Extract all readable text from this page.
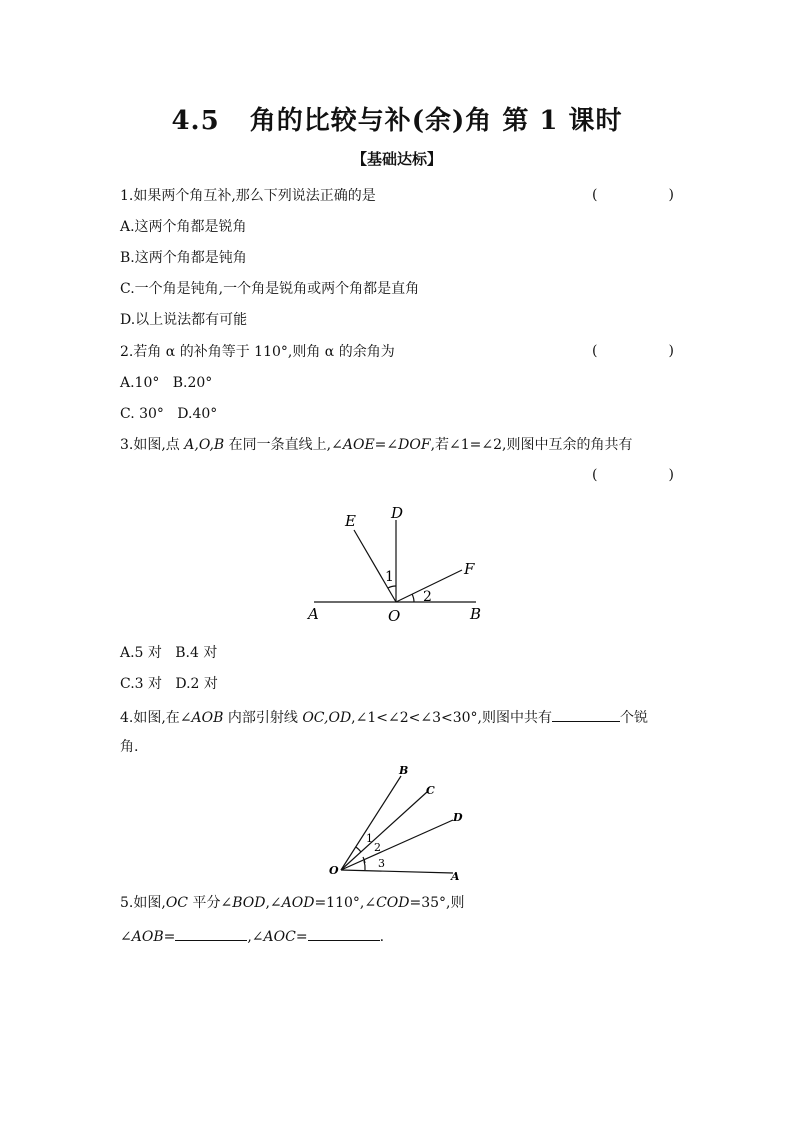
4.5 角的比较与补(余)角 第 1 课时
【基础达标】
1.如果两个角互补,那么下列说法正确的是	(	)
A.这两个角都是锐角
B.这两个角都是钝角
C.一个角是钝角,一个角是锐角或两个角都是直角
D.以上说法都有可能
2.若角 α 的补角等于 110°,则角 α 的余角为	(	)
A.10°   B.20°
C. 30°   D.40°
3.如图,点 A,O,B 在同一条直线上,∠AOE=∠DOF,若∠1=∠2,则图中互余的角共有
(	)
E D
F
A	O	B
1
2
A.5 对   B.4 对
C.3 对   D.2 对
4.如图,在∠AOB 内部引射线 OC,OD,∠1<∠2<∠3<30°,则图中共有	个锐
角.
B
C
D
O	A
1
2
3
5.如图,OC 平分∠BOD,∠AOD=110°,∠COD=35°,则
∠AOB=	,∠AOC=	.
